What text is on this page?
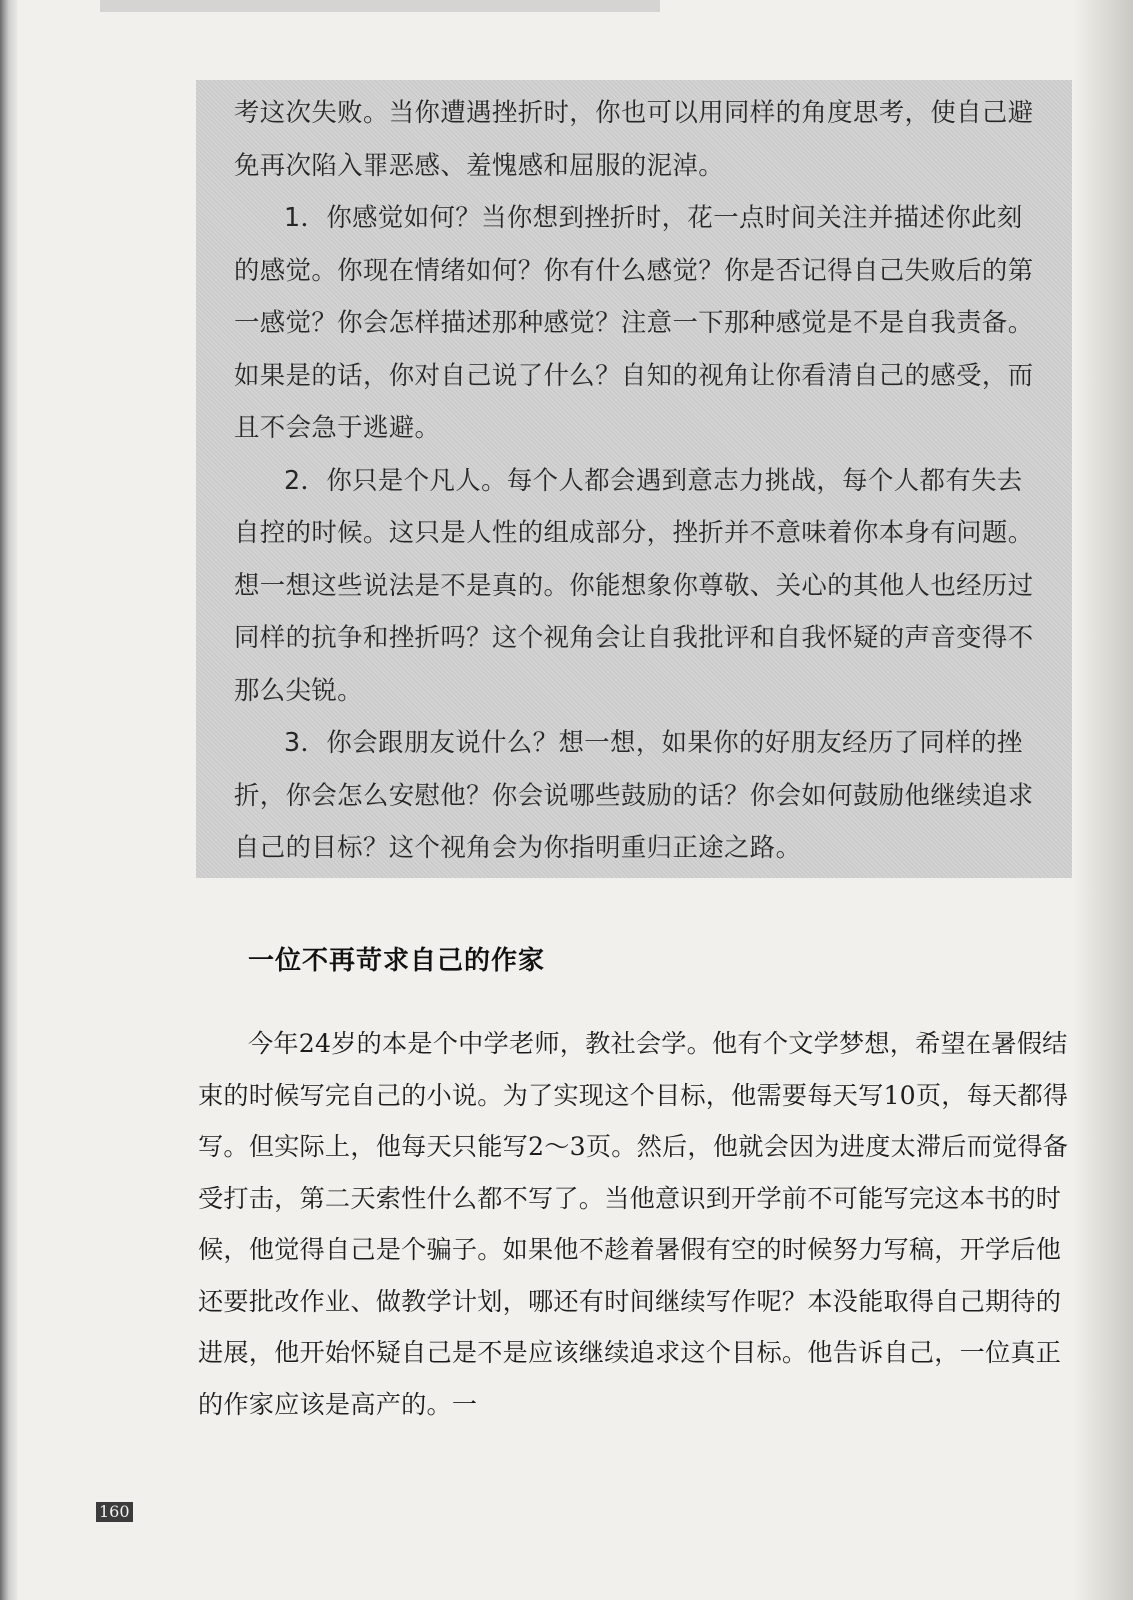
考这次失败。当你遭遇挫折时，你也可以用同样的角度思考，使自己避免再次陷入罪恶感、羞愧感和屈服的泥淖。

1．你感觉如何？当你想到挫折时，花一点时间关注并描述你此刻的感觉。你现在情绪如何？你有什么感觉？你是否记得自己失败后的第一感觉？你会怎样描述那种感觉？注意一下那种感觉是不是自我责备。如果是的话，你对自己说了什么？自知的视角让你看清自己的感受，而且不会急于逃避。

2．你只是个凡人。每个人都会遇到意志力挑战，每个人都有失去自控的时候。这只是人性的组成部分，挫折并不意味着你本身有问题。想一想这些说法是不是真的。你能想象你尊敬、关心的其他人也经历过同样的抗争和挫折吗？这个视角会让自我批评和自我怀疑的声音变得不那么尖锐。

3．你会跟朋友说什么？想一想，如果你的好朋友经历了同样的挫折，你会怎么安慰他？你会说哪些鼓励的话？你会如何鼓励他继续追求自己的目标？这个视角会为你指明重归正途之路。

一位不再苛求自己的作家

今年24岁的本是个中学老师，教社会学。他有个文学梦想，希望在暑假结束的时候写完自己的小说。为了实现这个目标，他需要每天写10页，每天都得写。但实际上，他每天只能写2～3页。然后，他就会因为进度太滞后而觉得备受打击，第二天索性什么都不写了。当他意识到开学前不可能写完这本书的时候，他觉得自己是个骗子。如果他不趁着暑假有空的时候努力写稿，开学后他还要批改作业、做教学计划，哪还有时间继续写作呢？本没能取得自己期待的进展，他开始怀疑自己是不是应该继续追求这个目标。他告诉自己，一位真正的作家应该是高产的。一

160
